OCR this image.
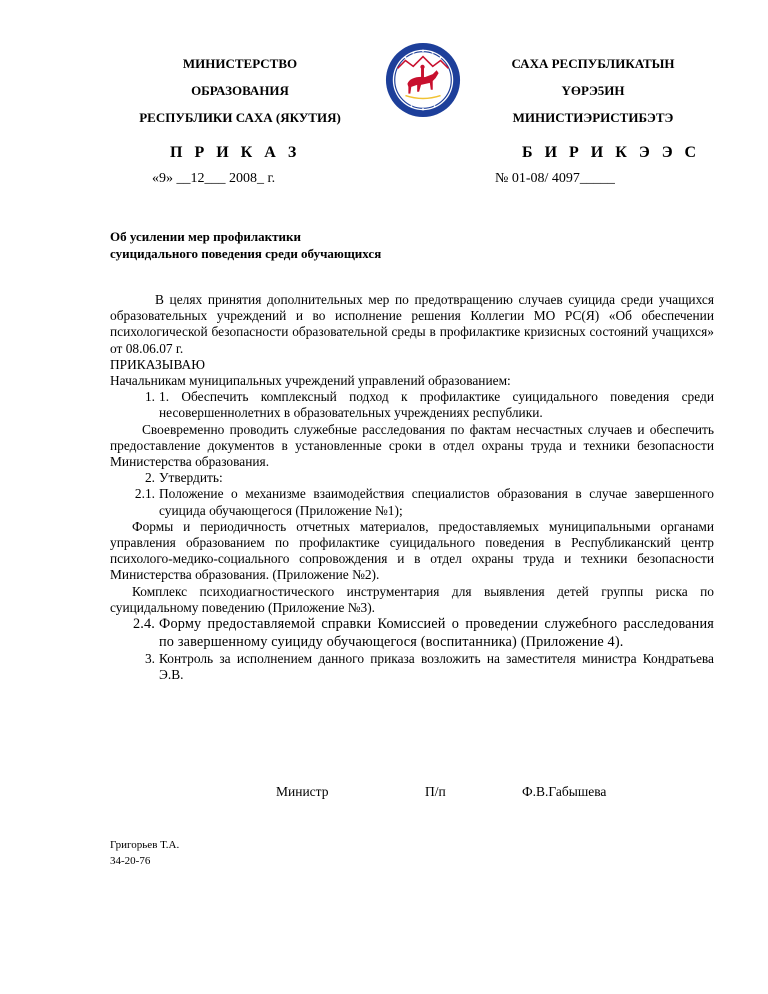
МИНИСТЕРСТВО
ОБРАЗОВАНИЯ
РЕСПУБЛИКИ САХА (ЯКУТИЯ)
САХА РЕСПУБЛИКАТЫН
ҮӨРЭ5ИН
МИНИСТИЭРИСТИБЭТЭ
П Р И К А З	Б И Р И К Э Э С
«9» __12___ 2008_ г.	№ 01-08/ 4097_____
Об усилении мер профилактики
суицидального поведения среди обучающихся

В целях принятия дополнительных мер по предотвращению случаев суицида среди учащихся образовательных учреждений и во исполнение решения Коллегии МО РС(Я) «Об обеспечении психологической безопасности образовательной среды в профилактике кризисных состояний учащихся» от 08.06.07 г.

ПРИКАЗЫВАЮ

Начальникам муниципальных учреждений управлений образованием:

1. 1. Обеспечить комплексный подход к профилактике суицидального поведения среди несовершеннолетних в образовательных учреждениях республики.

Своевременно проводить служебные расследования по фактам несчастных случаев и обеспечить предоставление документов в установленные сроки в отдел охраны труда и техники безопасности Министерства образования.

2. Утвердить:
2.1. Положение о механизме взаимодействия специалистов образования в случае завершенного суицида обучающегося (Приложение №1);

Формы и периодичность отчетных материалов, предоставляемых муниципальными органами управления образованием по профилактике суицидального поведения в Республиканский центр психолого-медико-социального сопровождения и в отдел охраны труда и техники безопасности Министерства образования. (Приложение №2).

Комплекс психодиагностического инструментария для выявления детей группы риска по суицидальному поведению (Приложение №3).

2.4. Форму предоставляемой справки Комиссией о проведении служебного расследования по завершенному суициду обучающегося (воспитанника) (Приложение 4).
3. Контроль за исполнением данного приказа возложить на заместителя министра Кондратьева Э.В.
Министр	П/п	Ф.В.Габышева
Григорьев Т.А.
34-20-76
